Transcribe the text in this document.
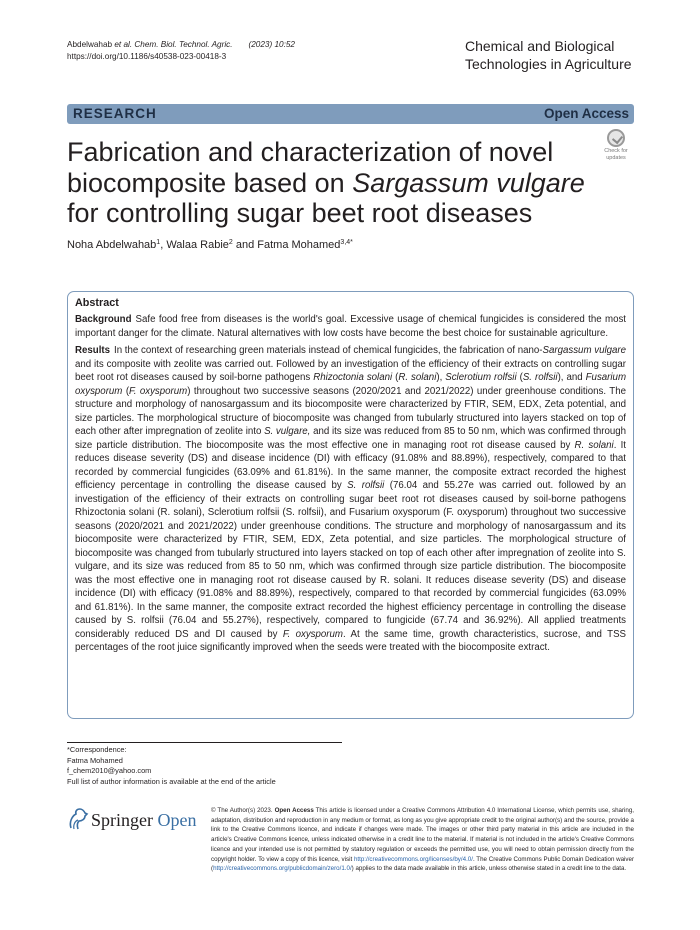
Abdelwahab et al. Chem. Biol. Technol. Agric. (2023) 10:52
https://doi.org/10.1186/s40538-023-00418-3
Chemical and Biological
Technologies in Agriculture
RESEARCH	Open Access
Fabrication and characterization of novel biocomposite based on Sargassum vulgare for controlling sugar beet root diseases
Check for
updates
Noha Abdelwahab$^1$, Walaa Rabie$^2$ and Fatma Mohamed$^{3,4*}$
Abstract

Background Safe food free from diseases is the world's goal. Excessive usage of chemical fungicides is considered the most important danger for the climate. Natural alternatives with low costs have become the best choice for sustainable agriculture.

Results In the context of researching green materials instead of chemical fungicides, the fabrication of nano-Sargassum vulgare and its composite with zeolite was carried out. Followed by an investigation of the efficiency of their extracts on controlling sugar beet root rot diseases caused by soil-borne pathogens Rhizoctonia solani (R. solani), Sclerotium rolfsii (S. rolfsii), and Fusarium oxysporum (F. oxysporum) throughout two successive seasons (2020/2021 and 2021/2022) under greenhouse conditions. The structure and morphology of nanosargassum and its biocomposite were characterized by FTIR, SEM, EDX, Zeta potential, and size particles. The morphological structure of biocomposite was changed from tubularly structured into layers stacked on top of each other after impregnation of zeolite into S. vulgare, and its size was reduced from 85 to 50 nm, which was confirmed through size particle distribution. The biocomposite was the most effective one in managing root rot disease caused by R. solani. It reduces disease severity (DS) and disease incidence (DI) with efficacy (91.08% and 88.89%), respectively, compared to that recorded by commercial fungicides (63.09% and 61.81%). In the same manner, the composite extract recorded the highest efficiency percentage in controlling the disease caused by S. rolfsii (76.04 and 55.27e was carried out. followed by an investigation of the efficiency of their extracts on controlling sugar beet root rot diseases caused by soil-borne pathogens Rhizoctonia solani (R. solani), Sclerotium rolfsii (S. rolfsii), and Fusarium oxysporum (F. oxysporum) throughout two successive seasons (2020/2021 and 2021/2022) under greenhouse conditions. The structure and morphology of nanosargassum and its biocomposite were characterized by FTIR, SEM, EDX, Zeta potential, and size particles. The morphological structure of biocomposite was changed from tubularly structured into layers stacked on top of each other after impregnation of zeolite into S. vulgare, and its size was reduced from 85 to 50 nm, which was confirmed through size particle distribution. The biocomposite was the most effective one in managing root rot disease caused by R. solani. It reduces disease severity (DS) and disease incidence (DI) with efficacy (91.08% and 88.89%), respectively, compared to that recorded by commercial fungicides (63.09% and 61.81%). In the same manner, the composite extract recorded the highest efficiency percentage in controlling the disease caused by S. rolfsii (76.04 and 55.27%), respectively, compared to fungicide (67.74 and 36.92%). All applied treatments considerably reduced DS and DI caused by F. oxysporum. At the same time, growth characteristics, sucrose, and TSS percentages of the root juice significantly improved when the seeds were treated with the biocomposite extract.

*Correspondence:
Fatma Mohamed
f_chem2010@yahoo.com
Full list of author information is available at the end of the article
Springer Open © The Author(s) 2023. Open Access This article is licensed under a Creative Commons Attribution 4.0 International License, which permits use, sharing, adaptation, distribution and reproduction in any medium or format, as long as you give appropriate credit to the original author(s) and the source, provide a link to the Creative Commons licence, and indicate if changes were made. The images or other third party material in this article are included in the article's Creative Commons licence, unless indicated otherwise in a credit line to the material. If material is not included in the article's Creative Commons licence and your intended use is not permitted by statutory regulation or exceeds the permitted use, you will need to obtain permission directly from the copyright holder. To view a copy of this licence, visit http://creativecommons.org/licenses/by/4.0/. The Creative Commons Public Domain Dedication waiver (http://creativecommons.org/publicdomain/zero/1.0/) applies to the data made available in this article, unless otherwise stated in a credit line to the data.
